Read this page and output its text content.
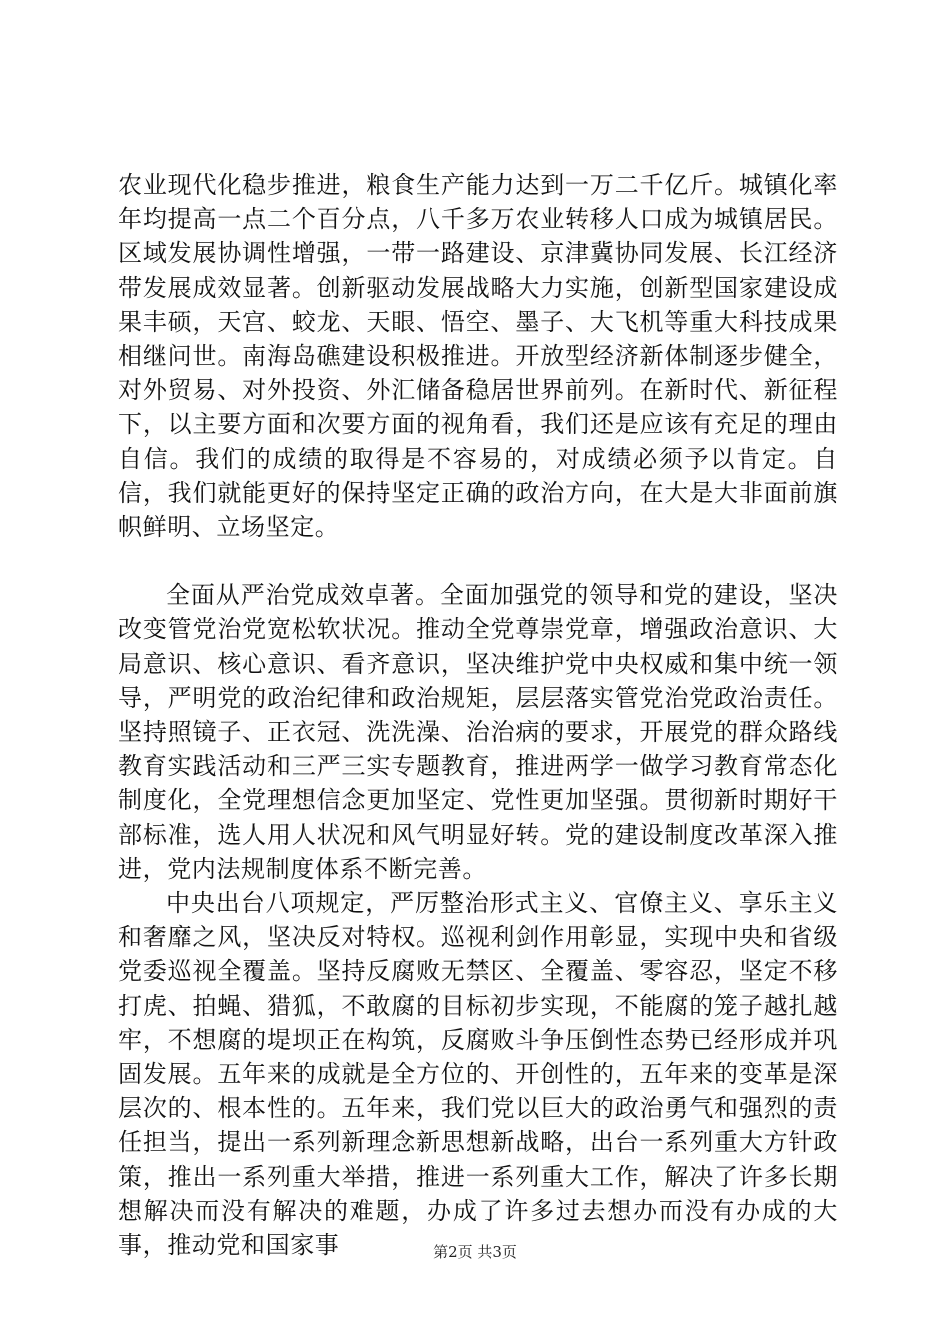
农业现代化稳步推进，粮食生产能力达到一万二千亿斤。城镇化率年均提高一点二个百分点，八千多万农业转移人口成为城镇居民。区域发展协调性增强，一带一路建设、京津冀协同发展、长江经济带发展成效显著。创新驱动发展战略大力实施，创新型国家建设成果丰硕，天宫、蛟龙、天眼、悟空、墨子、大飞机等重大科技成果相继问世。南海岛礁建设积极推进。开放型经济新体制逐步健全，对外贸易、对外投资、外汇储备稳居世界前列。在新时代、新征程下，以主要方面和次要方面的视角看，我们还是应该有充足的理由自信。我们的成绩的取得是不容易的，对成绩必须予以肯定。自信，我们就能更好的保持坚定正确的政治方向，在大是大非面前旗帜鲜明、立场坚定。

全面从严治党成效卓著。全面加强党的领导和党的建设，坚决改变管党治党宽松软状况。推动全党尊崇党章，增强政治意识、大局意识、核心意识、看齐意识，坚决维护党中央权威和集中统一领导，严明党的政治纪律和政治规矩，层层落实管党治党政治责任。坚持照镜子、正衣冠、洗洗澡、治治病的要求，开展党的群众路线教育实践活动和三严三实专题教育，推进两学一做学习教育常态化制度化，全党理想信念更加坚定、党性更加坚强。贯彻新时期好干部标准，选人用人状况和风气明显好转。党的建设制度改革深入推进，党内法规制度体系不断完善。

中央出台八项规定，严厉整治形式主义、官僚主义、享乐主义和奢靡之风，坚决反对特权。巡视利剑作用彰显，实现中央和省级党委巡视全覆盖。坚持反腐败无禁区、全覆盖、零容忍，坚定不移打虎、拍蝇、猎狐，不敢腐的目标初步实现，不能腐的笼子越扎越牢，不想腐的堤坝正在构筑，反腐败斗争压倒性态势已经形成并巩固发展。五年来的成就是全方位的、开创性的，五年来的变革是深层次的、根本性的。五年来，我们党以巨大的政治勇气和强烈的责任担当，提出一系列新理念新思想新战略，出台一系列重大方针政策，推出一系列重大举措，推进一系列重大工作，解决了许多长期想解决而没有解决的难题，办成了许多过去想办而没有办成的大事，推动党和国家事	第2页 共3页
